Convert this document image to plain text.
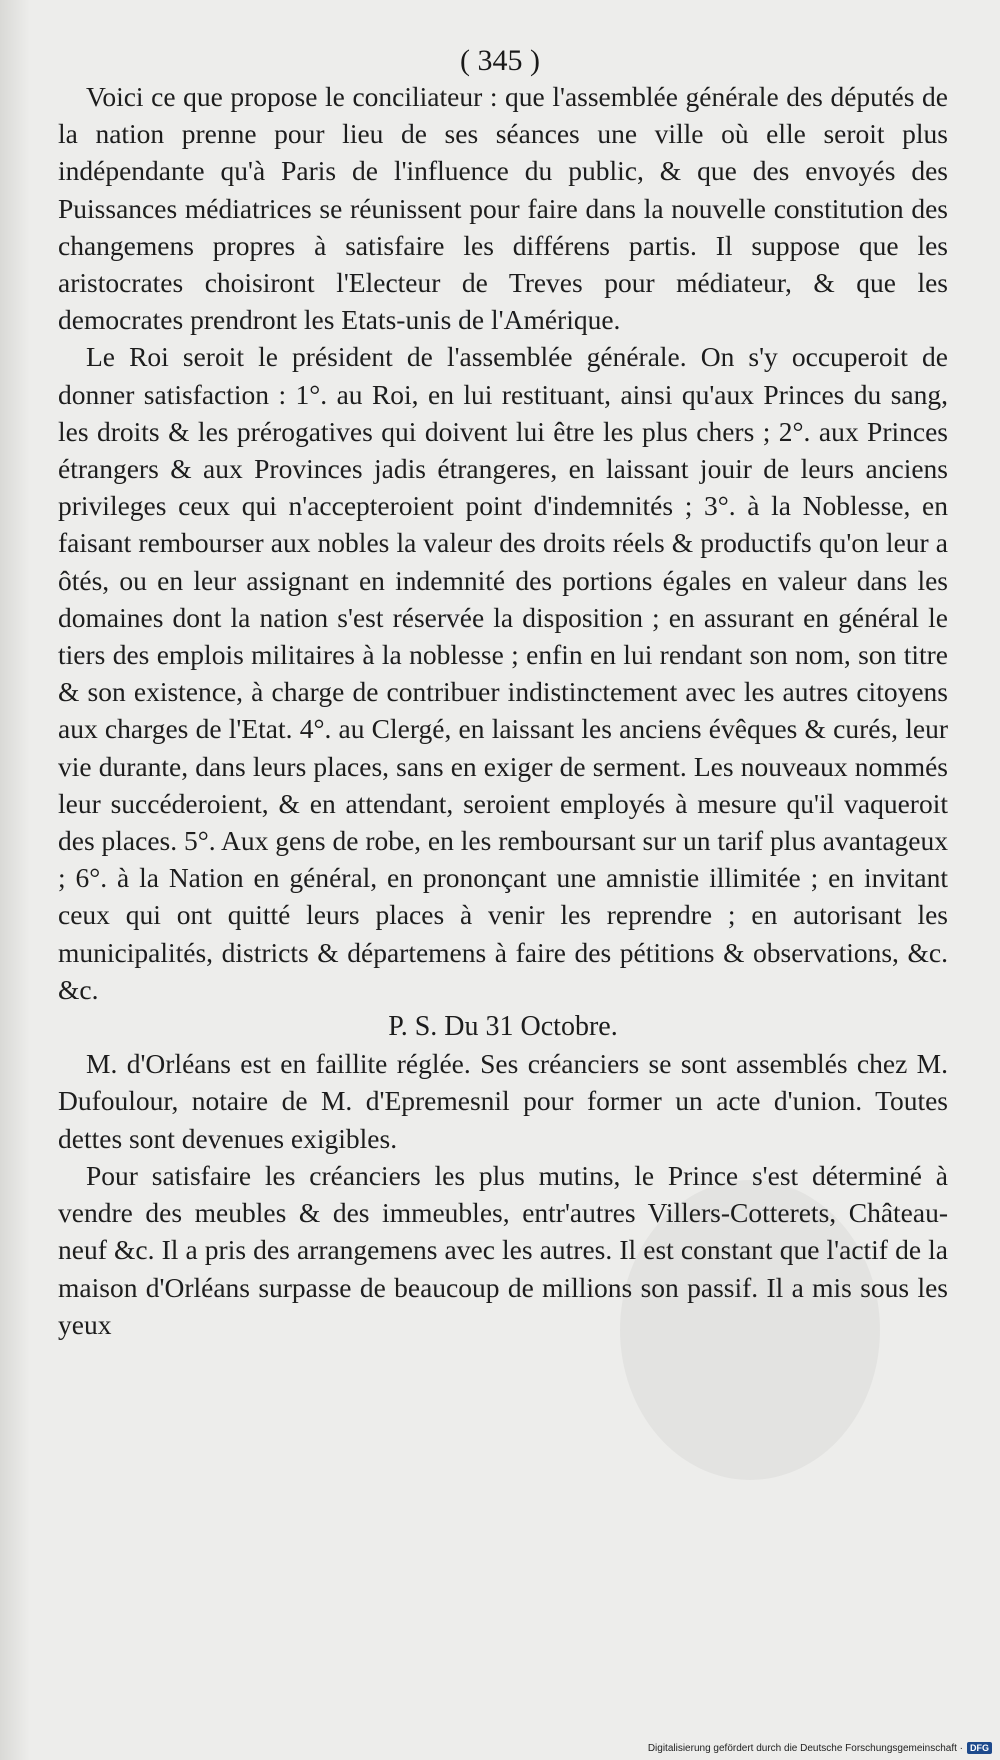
( 345 )

Voici ce que propose le conciliateur : que l'assemblée générale des députés de la nation prenne pour lieu de ses séances une ville où elle seroit plus indépendante qu'à Paris de l'influence du public, & que des envoyés des Puissances médiatrices se réunissent pour faire dans la nouvelle constitution des changemens propres à satisfaire les différens partis. Il suppose que les aristocrates choisiront l'Electeur de Treves pour médiateur, & que les democrates prendront les Etats-unis de l'Amérique.

Le Roi seroit le président de l'assemblée générale. On s'y occuperoit de donner satisfaction : 1°. au Roi, en lui restituant, ainsi qu'aux Princes du sang, les droits & les prérogatives qui doivent lui être les plus chers ; 2°. aux Princes étrangers & aux Provinces jadis étrangeres, en laissant jouir de leurs anciens privileges ceux qui n'accepteroient point d'indemnités ; 3°. à la Noblesse, en faisant rembourser aux nobles la valeur des droits réels & productifs qu'on leur a ôtés, ou en leur assignant en indemnité des portions égales en valeur dans les domaines dont la nation s'est réservée la disposition ; en assurant en général le tiers des emplois militaires à la noblesse ; enfin en lui rendant son nom, son titre & son existence, à charge de contribuer indistinctement avec les autres citoyens aux charges de l'Etat. 4°. au Clergé, en laissant les anciens évêques & curés, leur vie durante, dans leurs places, sans en exiger de serment. Les nouveaux nommés leur succéderoient, & en attendant, seroient employés à mesure qu'il vaqueroit des places. 5°. Aux gens de robe, en les remboursant sur un tarif plus avantageux ; 6°. à la Nation en général, en prononçant une amnistie illimitée ; en invitant ceux qui ont quitté leurs places à venir les reprendre ; en autorisant les municipalités, districts & départemens à faire des pétitions & observations, &c. &c.

P. S. Du 31 Octobre.

M. d'Orléans est en faillite réglée. Ses créanciers se sont assemblés chez M. Dufoulour, notaire de M. d'Epremesnil pour former un acte d'union. Toutes dettes sont devenues exigibles.

Pour satisfaire les créanciers les plus mutins, le Prince s'est déterminé à vendre des meubles & des immeubles, entr'autres Villers-Cotterets, Château-neuf &c. Il a pris des arrangemens avec les autres. Il est constant que l'actif de la maison d'Orléans surpasse de beaucoup de millions son passif. Il a mis sous les yeux

Digitalisierung gefördert durch die Deutsche Forschungsgemeinschaft · DFG
